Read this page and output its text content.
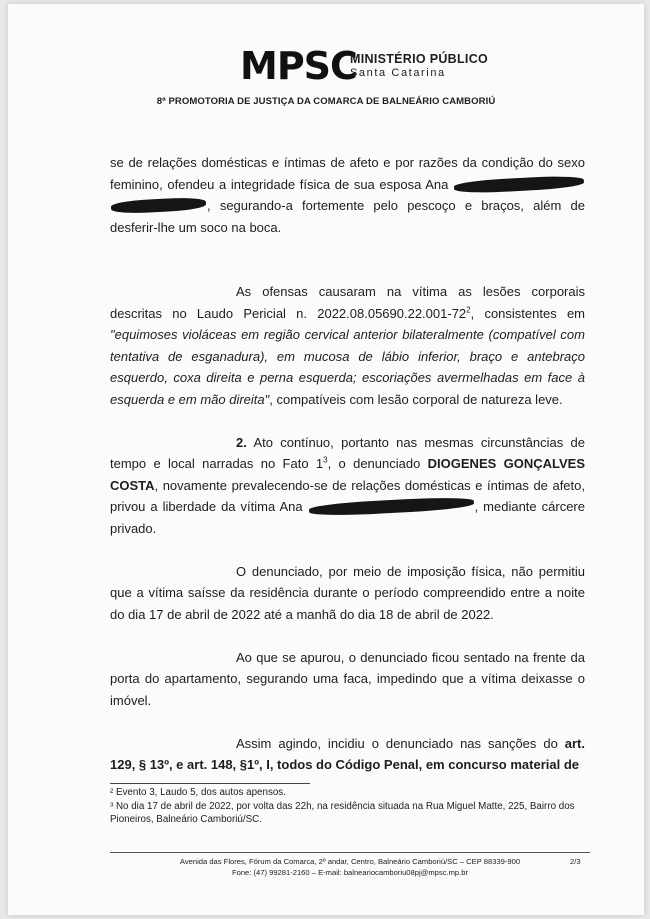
MPSC
MINISTÉRIO PÚBLICO
Santa Catarina
8ª PROMOTORIA DE JUSTIÇA DA COMARCA DE BALNEÁRIO CAMBORIÚ

se de relações domésticas e íntimas de afeto e por razões da condição do sexo feminino, ofendeu a integridade física de sua esposa Ana  , segurando-a fortemente pelo pescoço e braços, além de desferir-lhe um soco na boca.

As ofensas causaram na vítima as lesões corporais descritas no Laudo Pericial n. $2022.08.05690.22.001-72^2$, consistentes em "equimoses violáceas em região cervical anterior bilateralmente (compatível com tentativa de esganadura), em mucosa de lábio inferior, braço e antebraço esquerdo, coxa direita e perna esquerda; escoriações avermelhadas em face à esquerda e em mão direita", compatíveis com lesão corporal de natureza leve.

2. Ato contínuo, portanto nas mesmas circunstâncias de tempo e local narradas no Fato $1^3$, o denunciado DIOGENES GONÇALVES COSTA, novamente prevalecendo-se de relações domésticas e íntimas de afeto, privou a liberdade da vítima Ana	, mediante cárcere privado.

O denunciado, por meio de imposição física, não permitiu que a vítima saísse da residência durante o período compreendido entre a noite do dia 17 de abril de 2022 até a manhã do dia 18 de abril de 2022.

Ao que se apurou, o denunciado ficou sentado na frente da porta do apartamento, segurando uma faca, impedindo que a vítima deixasse o imóvel.

Assim agindo, incidiu o denunciado nas sanções do art. 129, § 13º, e art. 148, §1º, I, todos do Código Penal, em concurso material de

² Evento 3, Laudo 5, dos autos apensos.
³ No dia 17 de abril de 2022, por volta das 22h, na residência situada na Rua Miguel Matte, 225, Bairro dos Pioneiros, Balneário Camboriú/SC.
Avenida das Flores, Fórum da Comarca, 2º andar, Centro, Balneário Camboriú/SC – CEP 88339-900
Fone: (47) 99281-2160 – E-mail: balneariocamboriu08pj@mpsc.mp.br
2/3
